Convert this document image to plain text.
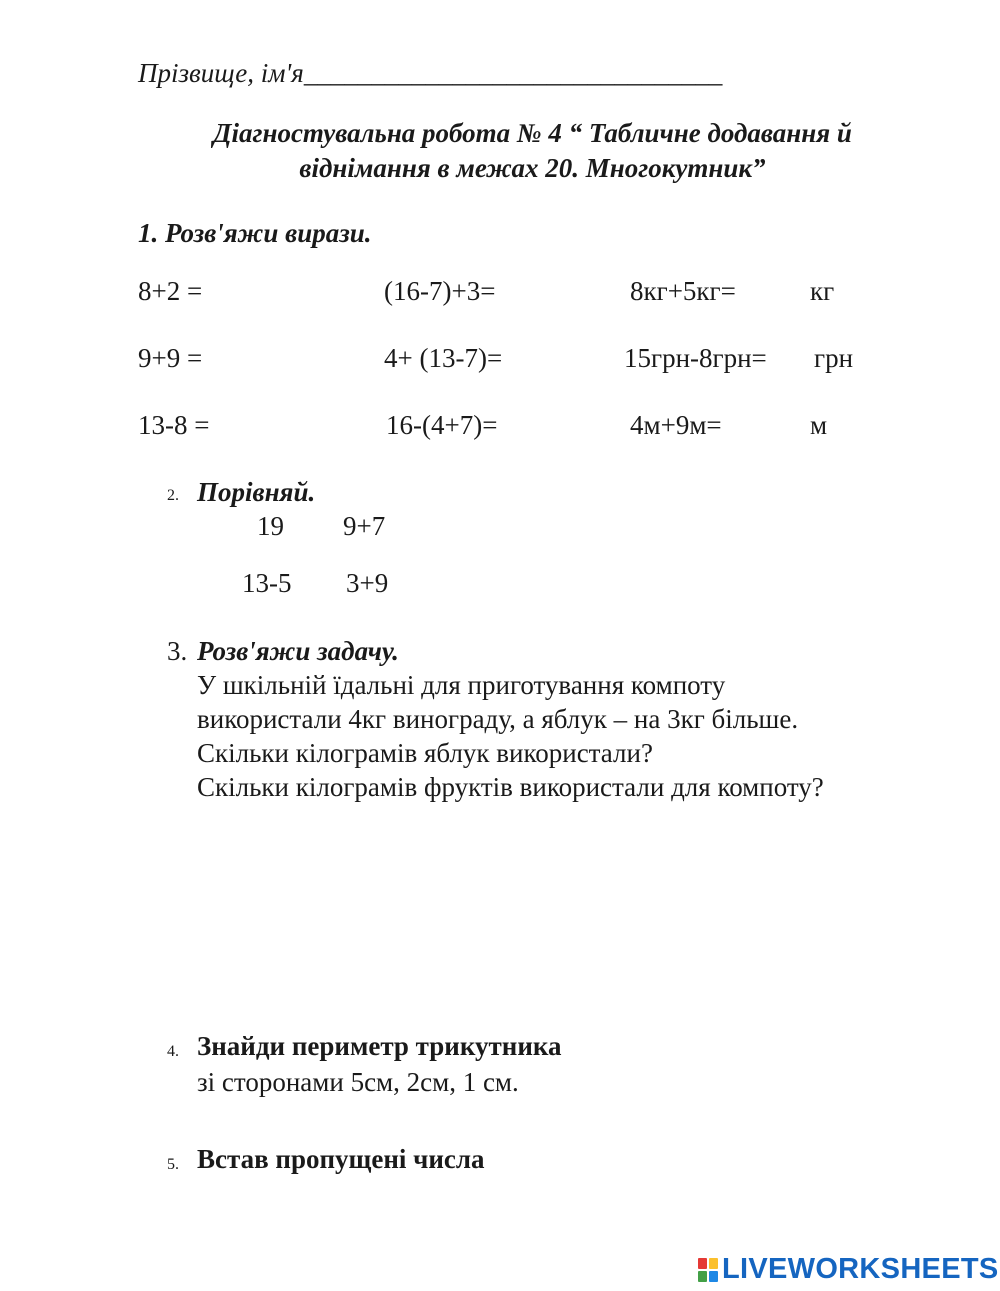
Прізвище, ім'я_______________________________
Діагностувальна робота № 4 “ Табличне додавання й
віднімання в межах 20. Многокутник”
1. Розв'яжи вирази.
8+2 =	(16-7)+3=	8кг+5кг=	кг
9+9 =	4+ (13-7)=	15грн-8грн= грн
13-8 =	16-(4+7)=	4м+9м=	м
2. Порівняй.
19 9+7
13-5 3+9
3. Розв'яжи задачу.
У шкільній їдальні для приготування компоту
використали 4кг винограду, а яблук – на 3кг більше.
Скільки кілограмів яблук використали?
Скільки кілограмів фруктів використали для компоту?
4. Знайди периметр трикутника
зі сторонами 5см, 2см, 1 см.
5. Встав пропущені числа
LIVEWORKSHEETS
